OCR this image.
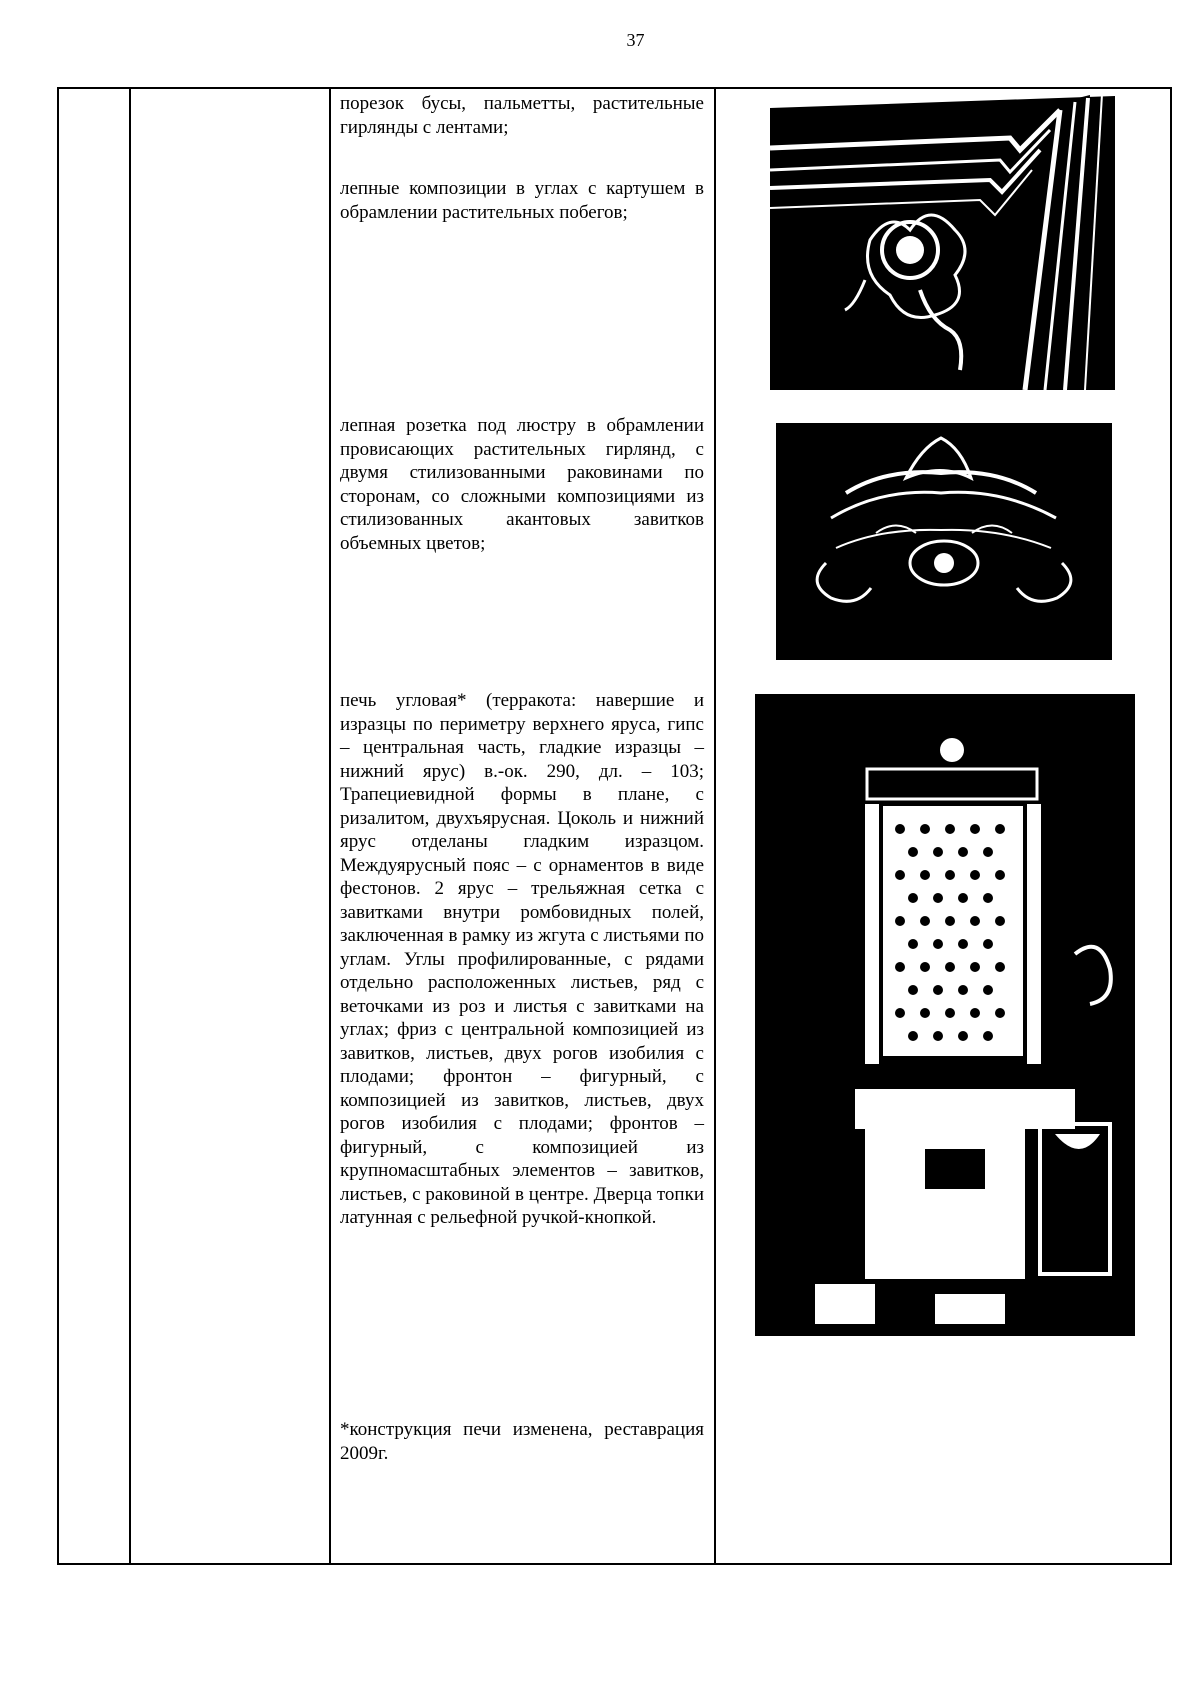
37
порезок бусы, пальметты, растительные гирлянды с лентами;
лепные композиции в углах с картушем в обрамлении растительных побегов;
лепная розетка под люстру в обрамлении провисающих растительных гирлянд, с двумя стилизованными раковинами по сторонам, со сложными композициями из стилизованных акантовых завитков объемных цветов;
печь угловая* (терракота: навершие и изразцы по периметру верхнего яруса, гипс – центральная часть, гладкие изразцы – нижний ярус) в.-ок. 290, дл. – 103; Трапециевидной формы в плане, с ризалитом, двухъярусная. Цоколь и нижний ярус отделаны гладким изразцом. Междуярусный пояс – с орнаментов в виде фестонов. 2 ярус – трельяжная сетка с завитками внутри ромбовидных полей, заключенная в рамку из жгута с листьями по углам. Углы профилированные, с рядами отдельно расположенных листьев, ряд с веточками из роз и листья с завитками на углах; фриз с центральной композицией из завитков, листьев, двух рогов изобилия с плодами; фронтон – фигурный, с композицией из завитков, листьев, двух рогов изобилия с плодами; фронтов – фигурный, с композицией из крупномасштабных элементов – завитков, листьев, с раковиной в центре. Дверца топки латунная с рельефной ручкой-кнопкой.
*конструкция печи изменена, реставрация 2009г.
